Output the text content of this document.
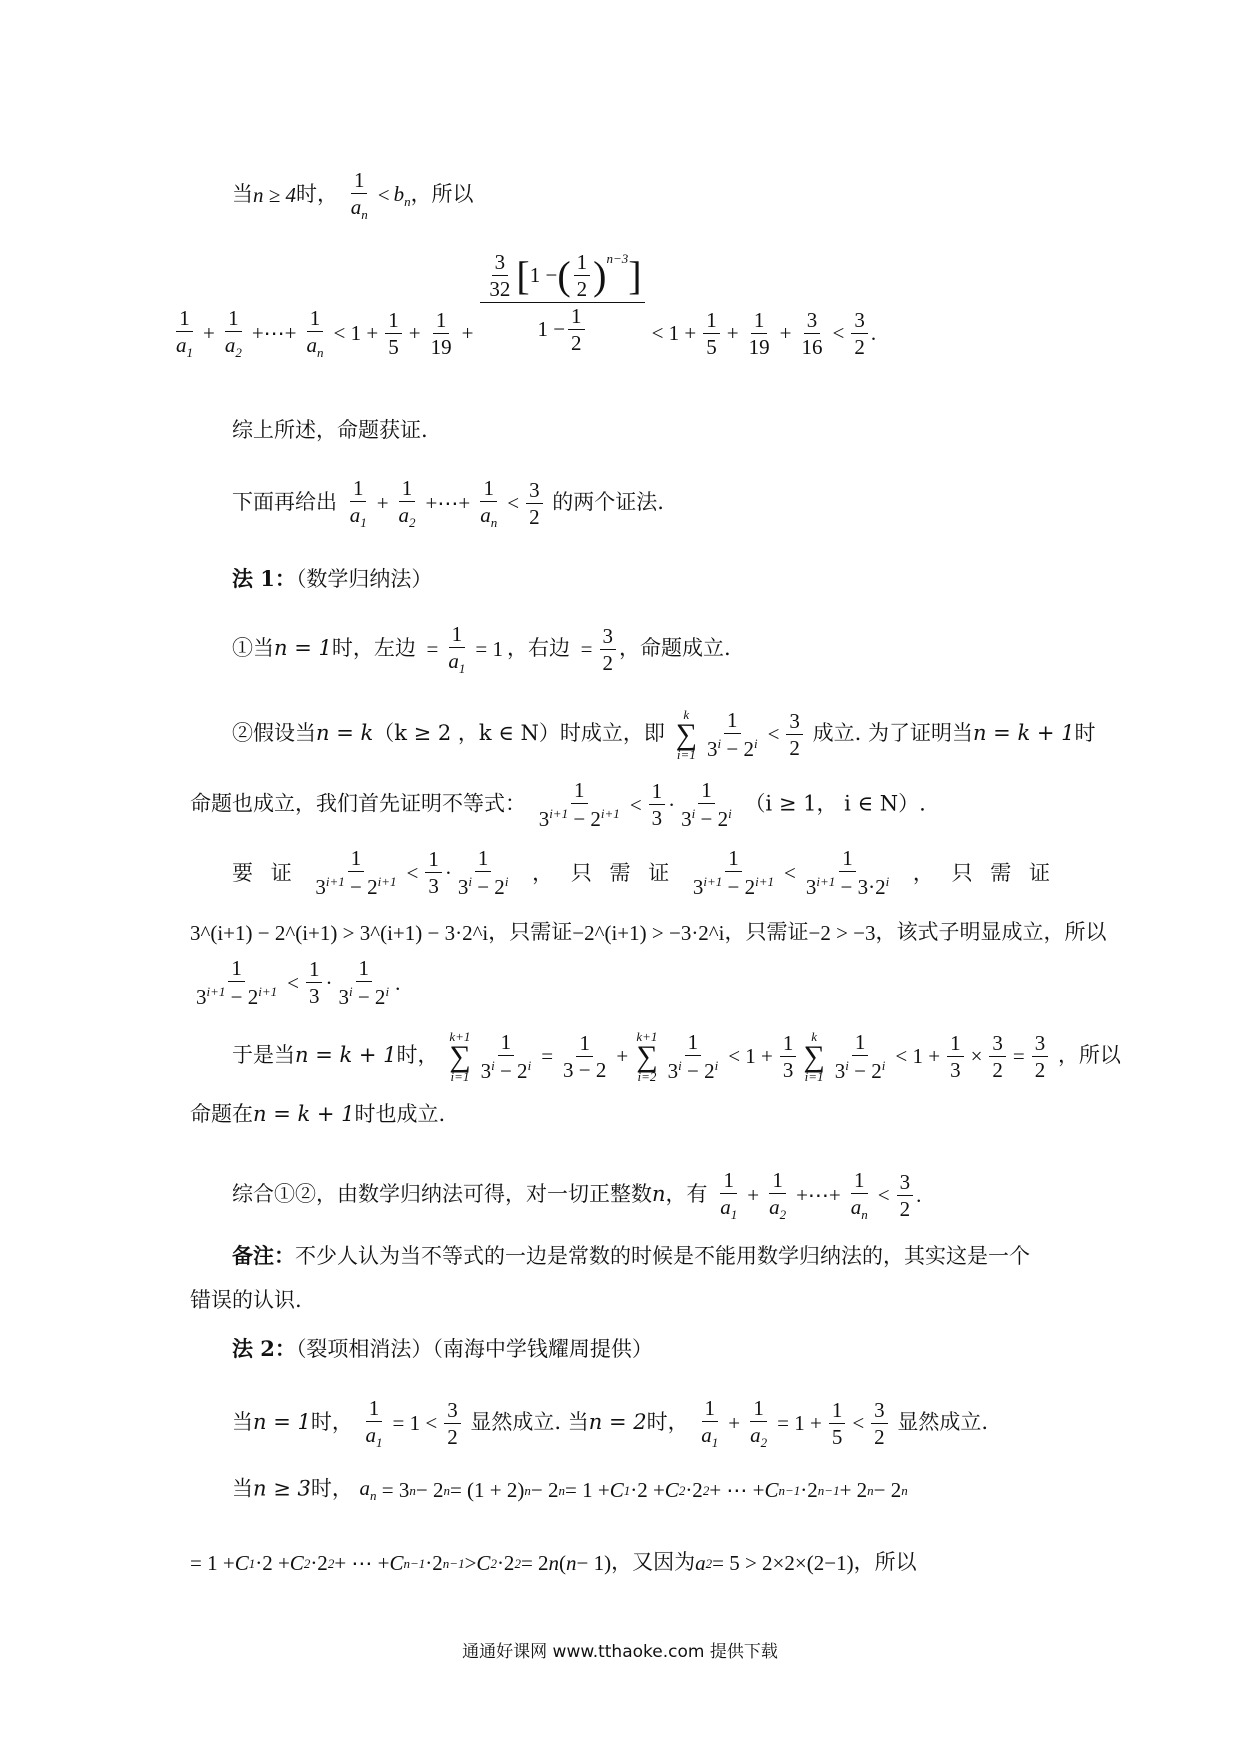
当n ≥ 4时， $\frac{1}{a_n} < b_n$ ，所以
$\frac{1}{a_1} + \frac{1}{a_2}$ +⋯+ $\frac{1}{a_n} < 1 + \frac{1}{5} + \frac{1}{19} + \frac{\frac{3}{32} [ 1 - ( \frac{1}{2} )^{n-3} ]}{1 - \frac{1}{2}} < 1 + \frac{1}{5} + \frac{1}{19} + \frac{3}{16} < \frac{3}{2}$ .
综上所述，命题获证.
下面再给出 $\frac{1}{a_1} + \frac{1}{a_2}$ +⋯+ $\frac{1}{a_n} < \frac{3}{2}$ 的两个证法.
法 1：（数学归纳法）
①当n = 1时，左边 = $\frac{1}{a_1} = 1$ ，右边 = $\frac{3}{2}$ ，命题成立.
②假设当n = k（k ≥ 2 ，k ∈ N）时成立，即
k
∑
$i=1 \frac{1}{3^i - 2^i} < \frac{3}{2}$ 成立. 为了证明当n = k + 1时
命题也成立，我们首先证明不等式： $\frac{1}{3^{i+1} - 2^{i+1}} < \frac{1}{3} \cdot \frac{1}{3^i - 2^i} (i \ge 1$， i ∈ N）.
要 证 $\frac{1}{3^{i+1} - 2^{i+1}} < \frac{1}{3} \cdot \frac{1}{3^i - 2^i}$ ， 只 需 证 $\frac{1}{3^{i+1} - 2^{i+1}} < \frac{1}{3^{i+1} - 3\cdot 2^i}$ ， 只 需 证
3^(i+1) − 2^(i+1) > 3^(i+1) − 3·2^i，只需证−2^(i+1) > −3·2^i，只需证−2 > −3，该式子明显成立，所以
$\frac{1}{3^{i+1} - 2^{i+1}} < \frac{1}{3} \cdot \frac{1}{3^i - 2^i}$ .
于是当n = k + 1时，
k+1
∑
$i=1 \frac{1}{3^i - 2^i} = \frac{1}{3 - 2}$ +
k+1
∑
$i=2 \frac{1}{3^i - 2^i} < 1 + \frac{1}{3}$ k
∑
$i=1 \frac{1}{3^i - 2^i} < 1 + \frac{1}{3} \times \frac{3}{2} = \frac{3}{2}$ ，所以
命题在n = k + 1时也成立.
综合①②，由数学归纳法可得，对一切正整数n，有 $\frac{1}{a_1} + \frac{1}{a_2}$ +⋯+ $\frac{1}{a_n} < \frac{3}{2}$ .
备注：不少人认为当不等式的一边是常数的时候是不能用数学归纳法的，其实这是一个
错误的认识.
法 2：（裂项相消法）（南海中学钱耀周提供）
当n = 1时， $\frac{1}{a_1} = 1 < \frac{3}{2}$ 显然成立. 当n = 2时， $\frac{1}{a_1} + \frac{1}{a_2} = 1 + \frac{1}{5} < \frac{3}{2}$ 显然成立.
当n ≥ 3时， $a_n = 3$ n − 2 n = (1 + 2) n − 2 n = 1 + C 1 ·2 + C 2 ·2 2 + ⋯ + C n−1 ·2 n−1 + 2 n − 2 n
= 1 + C 1 ·2 + C 2 ·2 2 + ⋯ + C n−1 ·2 n−1 > C 2 ·2 2 = 2 n ( n − 1)，又因为 a 2 = 5 > 2×2×(2−1)，所以
通通好课网 www.tthaoke.com 提供下载
